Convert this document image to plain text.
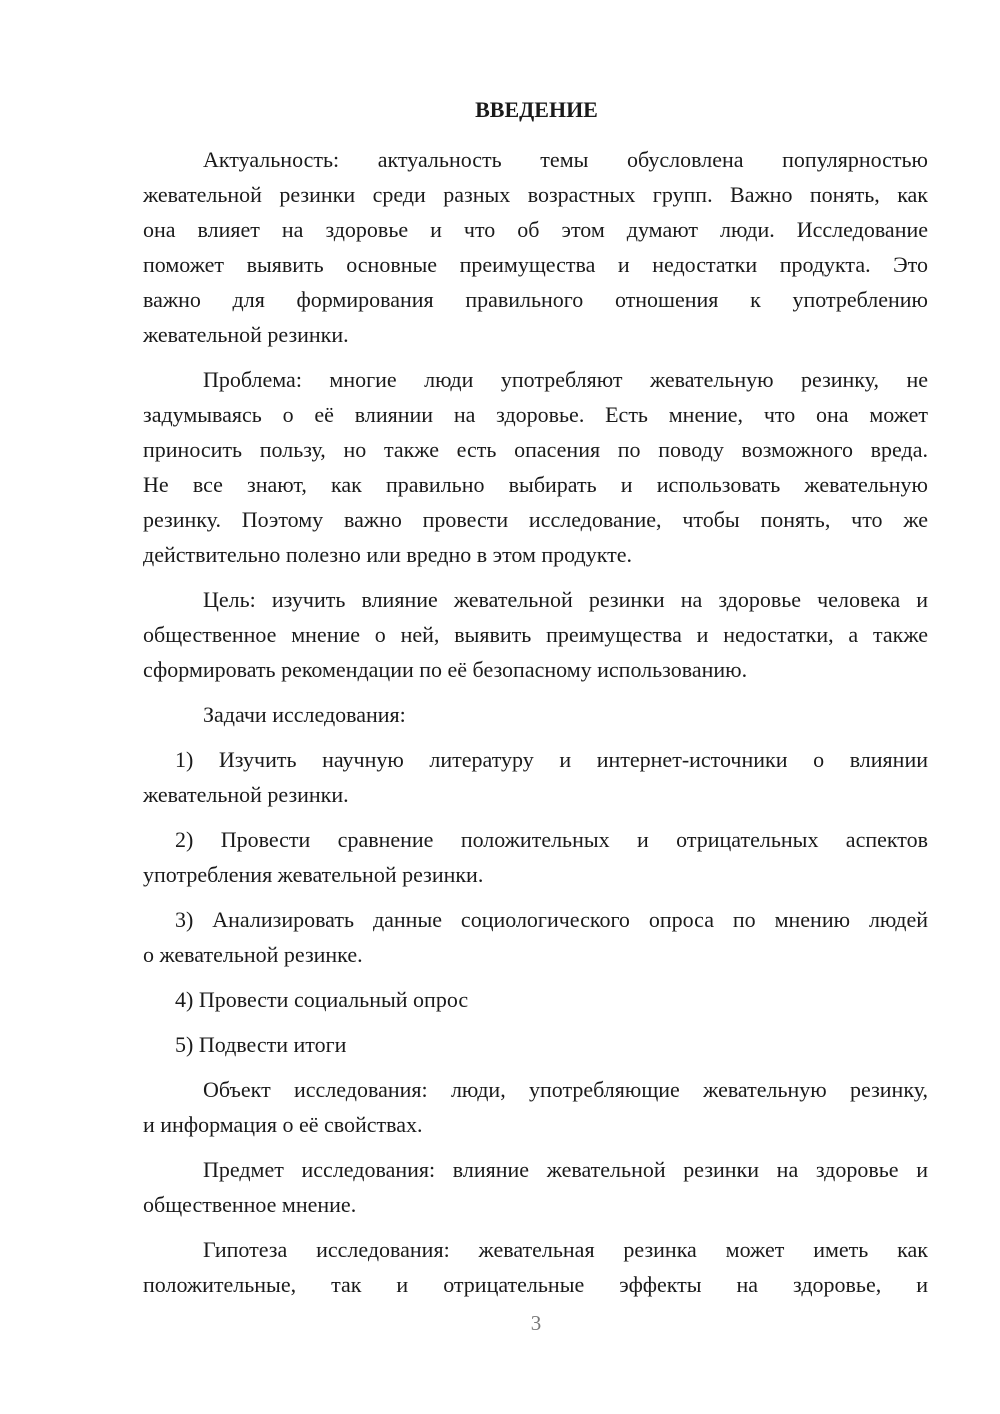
ВВЕДЕНИЕ
Актуальность: актуальность темы обусловлена популярностью
жевательной резинки среди разных возрастных групп. Важно понять, как
она влияет на здоровье и что об этом думают люди. Исследование
поможет выявить основные преимущества и недостатки продукта. Это
важно для формирования правильного отношения к употреблению
жевательной резинки.
Проблема: многие люди употребляют жевательную резинку, не
задумываясь о её влиянии на здоровье. Есть мнение, что она может
приносить пользу, но также есть опасения по поводу возможного вреда.
Не все знают, как правильно выбирать и использовать жевательную
резинку. Поэтому важно провести исследование, чтобы понять, что же
действительно полезно или вредно в этом продукте.
Цель: изучить влияние жевательной резинки на здоровье человека и
общественное мнение о ней, выявить преимущества и недостатки, а также
сформировать рекомендации по её безопасному использованию.
Задачи исследования:
1) Изучить научную литературу и интернет-источники о влиянии
жевательной резинки.
2) Провести сравнение положительных и отрицательных аспектов
употребления жевательной резинки.
3) Анализировать данные социологического опроса по мнению людей
о жевательной резинке.
4) Провести социальный опрос
5) Подвести итоги
Объект исследования: люди, употребляющие жевательную резинку,
и информация о её свойствах.
Предмет исследования: влияние жевательной резинки на здоровье и
общественное мнение.
Гипотеза исследования: жевательная резинка может иметь как
положительные, так и отрицательные эффекты на здоровье, и
3
